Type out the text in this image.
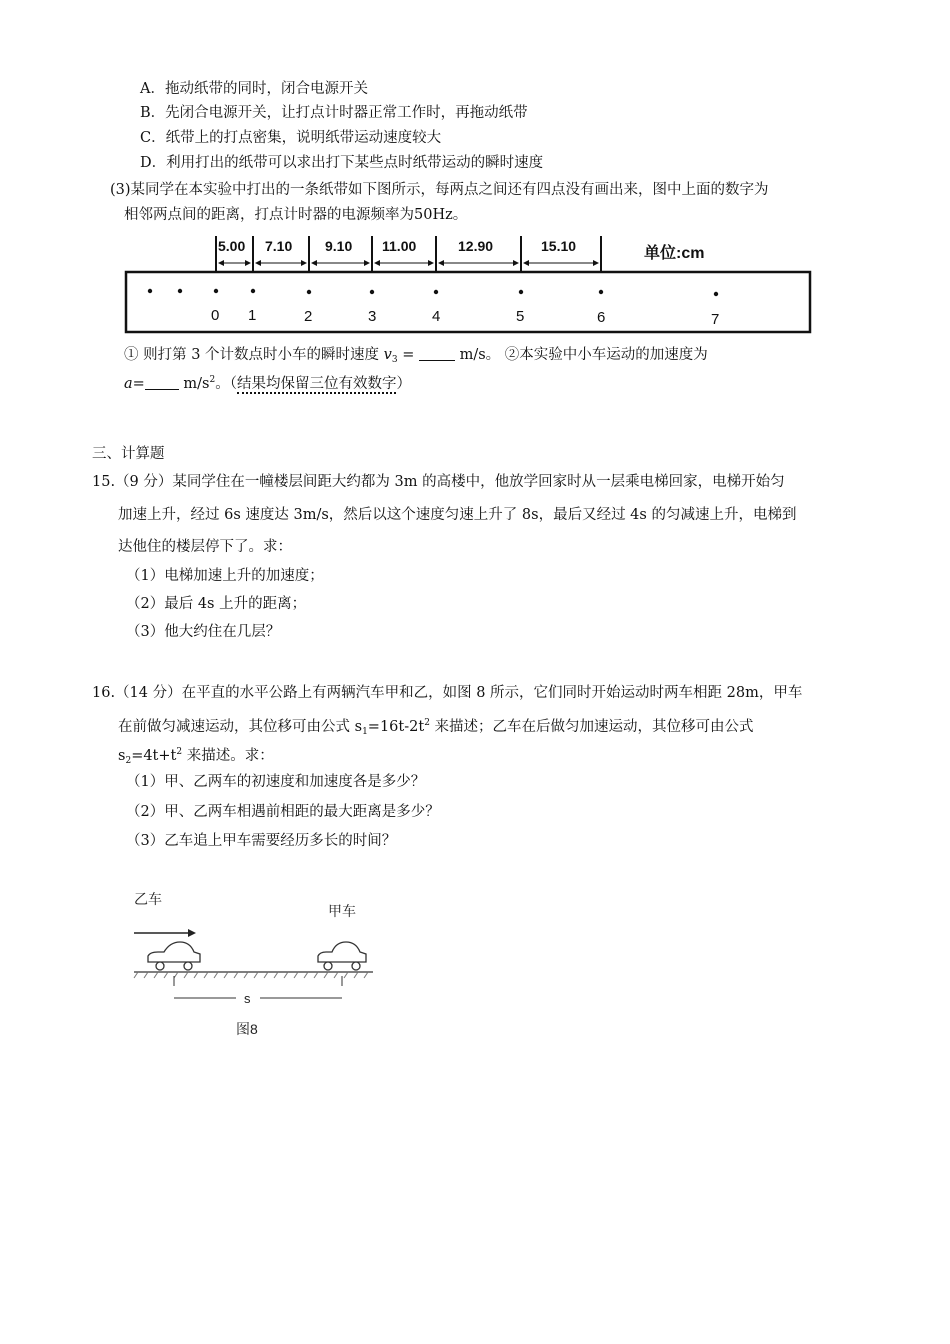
A．拖动纸带的同时，闭合电源开关
B．先闭合电源开关，让打点计时器正常工作时，再拖动纸带
C．纸带上的打点密集，说明纸带运动速度较大
D．利用打出的纸带可以求出打下某些点时纸带运动的瞬时速度
(3)某同学在本实验中打出的一条纸带如下图所示，每两点之间还有四点没有画出来，图中上面的数字为
相邻两点间的距离，打点计时器的电源频率为50Hz。
5.00 7.10 9.10 11.00	12.90	15.10	单位:cm
0 1	2	3	4	5	6	7
① 则打第 3 个计数点时小车的瞬时速度 $v_3 = m/s$。 ②本实验中小车运动的加速度为
$a= m/s^2$。（结果均保留三位有效数字）
三、计算题
15.（9 分）某同学住在一幢楼层间距大约都为 3m 的高楼中，他放学回家时从一层乘电梯回家，电梯开始匀
加速上升，经过 6s 速度达 3m/s，然后以这个速度匀速上升了 8s，最后又经过 4s 的匀减速上升，电梯到
达他住的楼层停下了。求：
（1）电梯加速上升的加速度；
（2）最后 4s 上升的距离；
（3）他大约住在几层？
16.（14 分）在平直的水平公路上有两辆汽车甲和乙，如图 8 所示，它们同时开始运动时两车相距 28m，甲车
在前做匀减速运动，其位移可由公式 $s_1=16t-2t^2$ 来描述；乙车在后做匀加速运动，其位移可由公式
$s_2=4t+t^2$ 来描述。求：
（1）甲、乙两车的初速度和加速度各是多少？
（2）甲、乙两车相遇前相距的最大距离是多少？
（3）乙车追上甲车需要经历多长的时间？
乙车
甲车
s
图8
